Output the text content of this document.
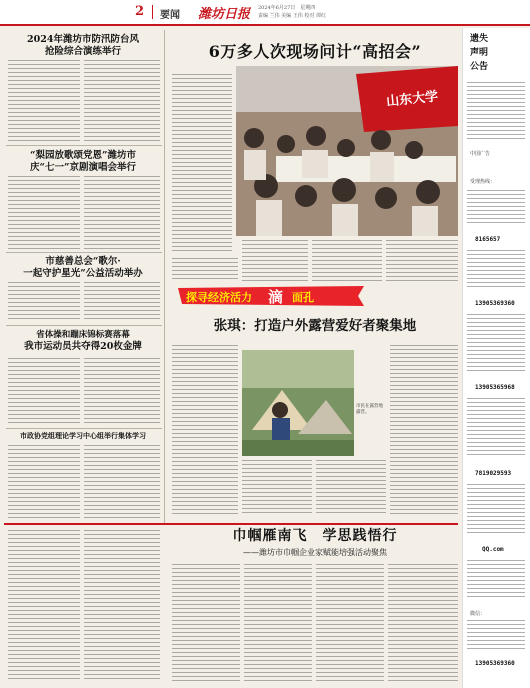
2 要闻 潍坊日报 2024年6月27日　星期四
责编 兰伟 美编 王伟 校对 谭红
2024年潍坊市防汛防台风
抢险综合演练举行
“梨园放歌颂党恩”潍坊市
庆“七一”京剧演唱会举行
市慈善总会“歌尔·
一起守护星光”公益活动举办
省体操和蹦床锦标赛落幕
我市运动员共夺得20枚金牌
市政协党组理论学习中心组举行集体学习
6万多人次现场问计“高招会”
山东大学
探寻经济活力 滴 面孔
张琪：打造户外露营爱好者聚集地
市民在露营地露营。
巾帼雁南飞　学思践悟行
——潍坊市巾帼企业家赋能培强活动聚焦
遗失
声明
公告
中国广告
受理热线：
8165657
13905369360
13905365968
7819029593
QQ.com
微信：
13905369360
